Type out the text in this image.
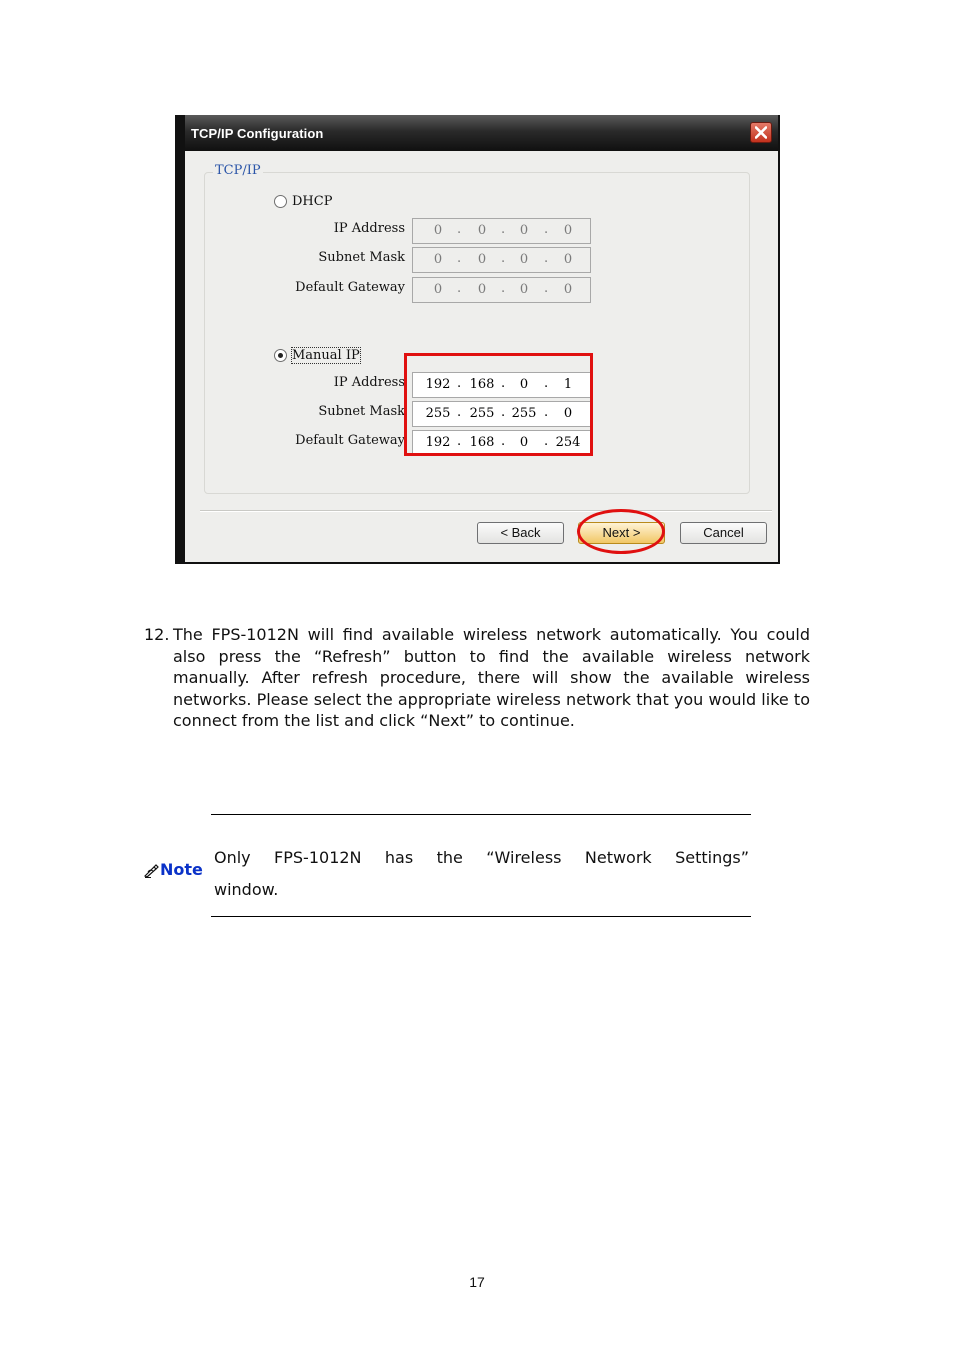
TCP/IP Configuration
TCP/IP
DHCP
IP Address	0	.	0	.	0	.	0
Subnet Mask	0	.	0	.	0	.	0
Default Gateway	0	.	0	.	0	.	0
Manual IP
IP Address 192 . 168 .	0	.	1
Subnet Mask 255 . 255 . 255 .	0
Default Gateway 192 . 168 .	0	. 254
< Back	Next >	Cancel
12. The FPS-1012N will find available wireless network automatically. You could also press the “Refresh” button to find the available wireless network manually. After refresh procedure, there will show the available wireless networks. Please select the appropriate wireless network that you would like to connect from the list and click “Next” to continue.
Note
Only FPS-1012N has the “Wireless Network Settings”
window.
17
